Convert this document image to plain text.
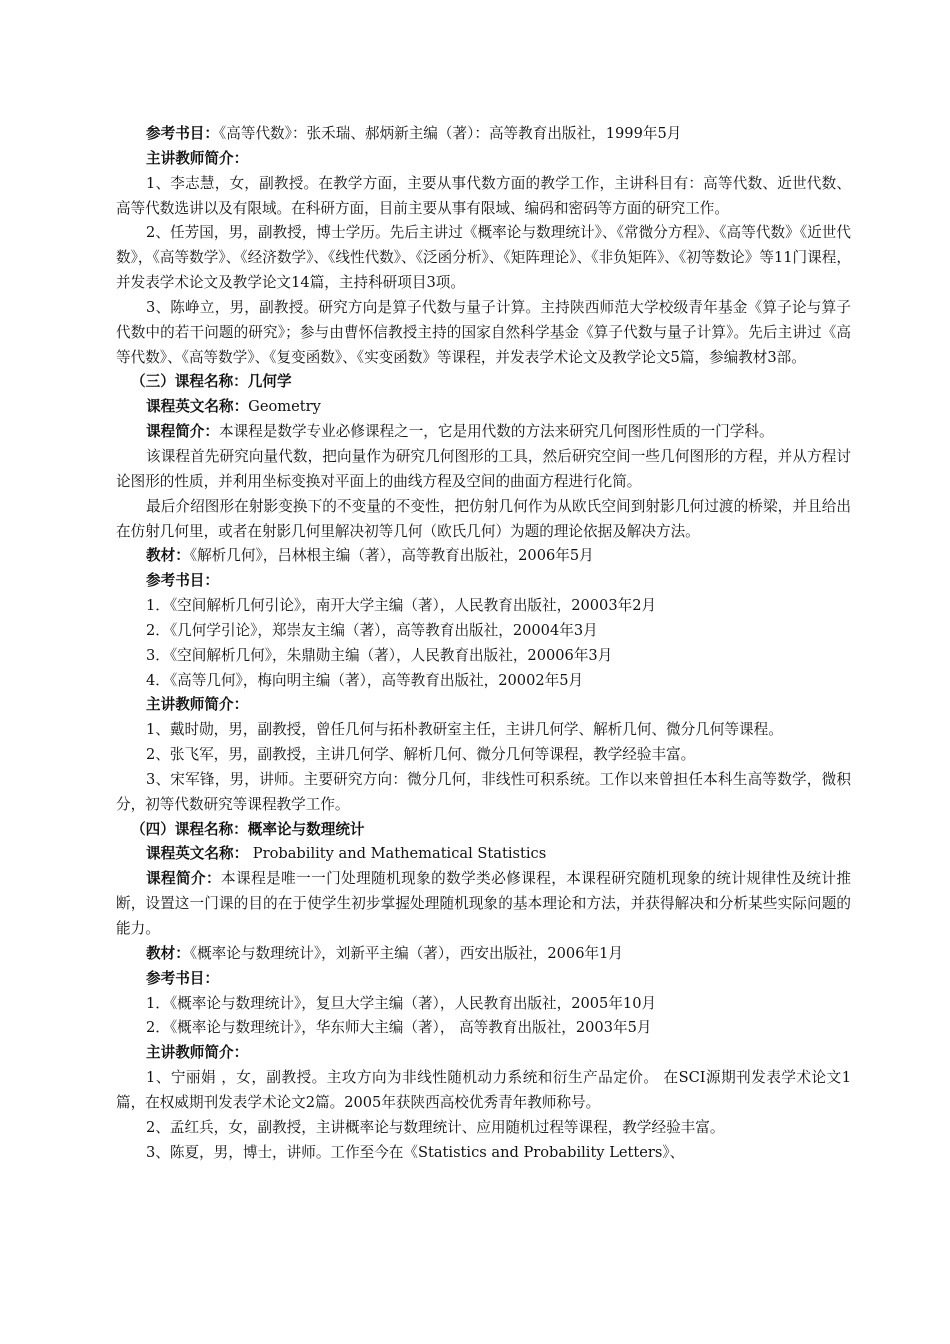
参考书目：《高等代数》：张禾瑞、郝炳新主编（著）：高等教育出版社，1999年5月

主讲教师简介：

1、李志慧，女，副教授。在教学方面，主要从事代数方面的教学工作，主讲科目有：高等代数、近世代数、高等代数选讲以及有限域。在科研方面，目前主要从事有限域、编码和密码等方面的研究工作。

2、任芳国，男，副教授，博士学历。先后主讲过《概率论与数理统计》、《常微分方程》、《高等代数》《近世代数》，《高等数学》、《经济数学》、《线性代数》、《泛函分析》、《矩阵理论》、《非负矩阵》、《初等数论》等11门课程，并发表学术论文及教学论文14篇，主持科研项目3项。

3、陈峥立，男，副教授。研究方向是算子代数与量子计算。主持陕西师范大学校级青年基金《算子论与算子代数中的若干问题的研究》；参与由曹怀信教授主持的国家自然科学基金《算子代数与量子计算》。先后主讲过《高等代数》、《高等数学》、《复变函数》、《实变函数》等课程，并发表学术论文及教学论文5篇，参编教材3部。

（三）课程名称：几何学

课程英文名称：Geometry

课程简介：本课程是数学专业必修课程之一，它是用代数的方法来研究几何图形性质的一门学科。

该课程首先研究向量代数，把向量作为研究几何图形的工具，然后研究空间一些几何图形的方程，并从方程讨论图形的性质，并利用坐标变换对平面上的曲线方程及空间的曲面方程进行化简。

最后介绍图形在射影变换下的不变量的不变性，把仿射几何作为从欧氏空间到射影几何过渡的桥梁，并且给出在仿射几何里，或者在射影几何里解决初等几何（欧氏几何）为题的理论依据及解决方法。

教材：《解析几何》，吕林根主编（著），高等教育出版社，2006年5月

参考书目：

1．《空间解析几何引论》，南开大学主编（著），人民教育出版社，20003年2月

2．《几何学引论》，郑崇友主编（著），高等教育出版社，20004年3月

3．《空间解析几何》，朱鼎勋主编（著），人民教育出版社，20006年3月

4．《高等几何》，梅向明主编（著），高等教育出版社，20002年5月

主讲教师简介：

1、戴时勋，男，副教授，曾任几何与拓朴教研室主任，主讲几何学、解析几何、微分几何等课程。

2、张飞军，男，副教授，主讲几何学、解析几何、微分几何等课程，教学经验丰富。

3、宋军锋，男，讲师。主要研究方向：微分几何，非线性可积系统。工作以来曾担任本科生高等数学，微积分，初等代数研究等课程教学工作。

（四）课程名称：概率论与数理统计

课程英文名称： Probability and Mathematical Statistics

课程简介：本课程是唯一一门处理随机现象的数学类必修课程，本课程研究随机现象的统计规律性及统计推断，设置这一门课的目的在于使学生初步掌握处理随机现象的基本理论和方法，并获得解决和分析某些实际问题的能力。

教材：《概率论与数理统计》，刘新平主编（著），西安出版社，2006年1月

参考书目：

1．《概率论与数理统计》，复旦大学主编（著），人民教育出版社，2005年10月

2．《概率论与数理统计》，华东师大主编（著）， 高等教育出版社，2003年5月

主讲教师简介：

1、宁丽娟 ，女，副教授。主攻方向为非线性随机动力系统和衍生产品定价。 在SCI源期刊发表学术论文1篇，在权威期刊发表学术论文2篇。2005年获陕西高校优秀青年教师称号。

2、孟红兵，女，副教授，主讲概率论与数理统计、应用随机过程等课程，教学经验丰富。

3、陈夏，男，博士，讲师。工作至今在《Statistics and Probability Letters》、
